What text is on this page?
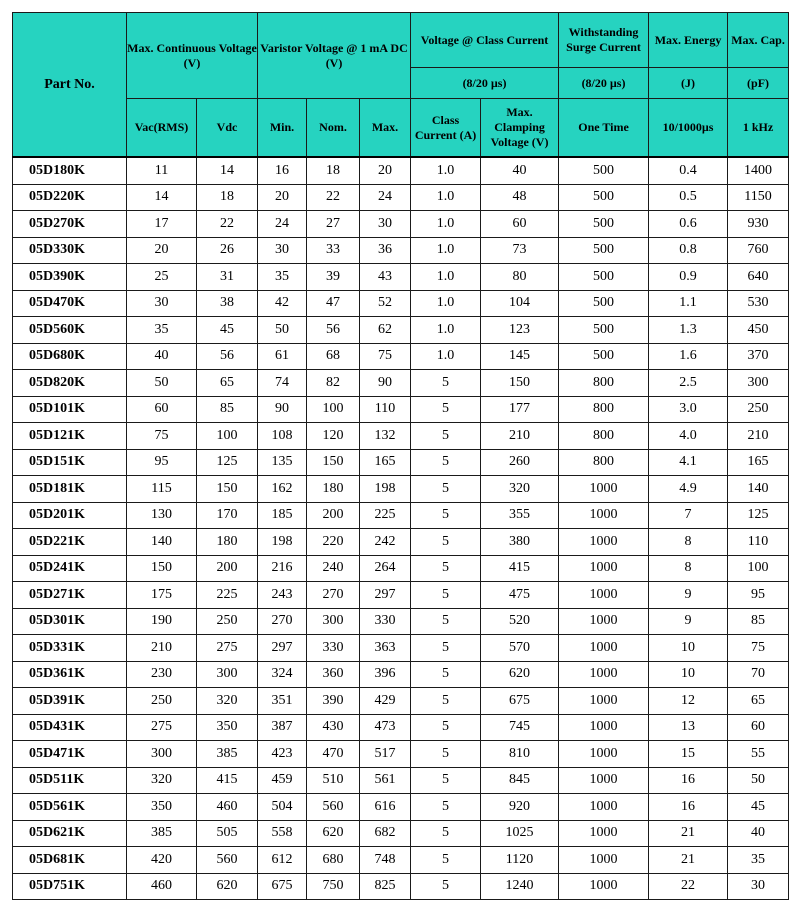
Part No.	Max. Continuous Voltage (V)		Varistor Voltage @ 1 mA DC (V)			Voltage @ Class Current		Withstanding Surge Current	Max. Energy	Max. Cap.
						(8/20 µs)		(8/20 µs)	(J)	(pF)
	Vac(RMS)	Vdc	Min.	Nom.	Max.	Class Current (A)	Max. Clamping Voltage (V)	One Time	10/1000µs	1 kHz
05D180K	11	14	16	18	20	1.0	40	500	0.4	1400
05D220K	14	18	20	22	24	1.0	48	500	0.5	1150
05D270K	17	22	24	27	30	1.0	60	500	0.6	930
05D330K	20	26	30	33	36	1.0	73	500	0.8	760
05D390K	25	31	35	39	43	1.0	80	500	0.9	640
05D470K	30	38	42	47	52	1.0	104	500	1.1	530
05D560K	35	45	50	56	62	1.0	123	500	1.3	450
05D680K	40	56	61	68	75	1.0	145	500	1.6	370
05D820K	50	65	74	82	90	5	150	800	2.5	300
05D101K	60	85	90	100	110	5	177	800	3.0	250
05D121K	75	100	108	120	132	5	210	800	4.0	210
05D151K	95	125	135	150	165	5	260	800	4.1	165
05D181K	115	150	162	180	198	5	320	1000	4.9	140
05D201K	130	170	185	200	225	5	355	1000	7	125
05D221K	140	180	198	220	242	5	380	1000	8	110
05D241K	150	200	216	240	264	5	415	1000	8	100
05D271K	175	225	243	270	297	5	475	1000	9	95
05D301K	190	250	270	300	330	5	520	1000	9	85
05D331K	210	275	297	330	363	5	570	1000	10	75
05D361K	230	300	324	360	396	5	620	1000	10	70
05D391K	250	320	351	390	429	5	675	1000	12	65
05D431K	275	350	387	430	473	5	745	1000	13	60
05D471K	300	385	423	470	517	5	810	1000	15	55
05D511K	320	415	459	510	561	5	845	1000	16	50
05D561K	350	460	504	560	616	5	920	1000	16	45
05D621K	385	505	558	620	682	5	1025	1000	21	40
05D681K	420	560	612	680	748	5	1120	1000	21	35
05D751K	460	620	675	750	825	5	1240	1000	22	30
